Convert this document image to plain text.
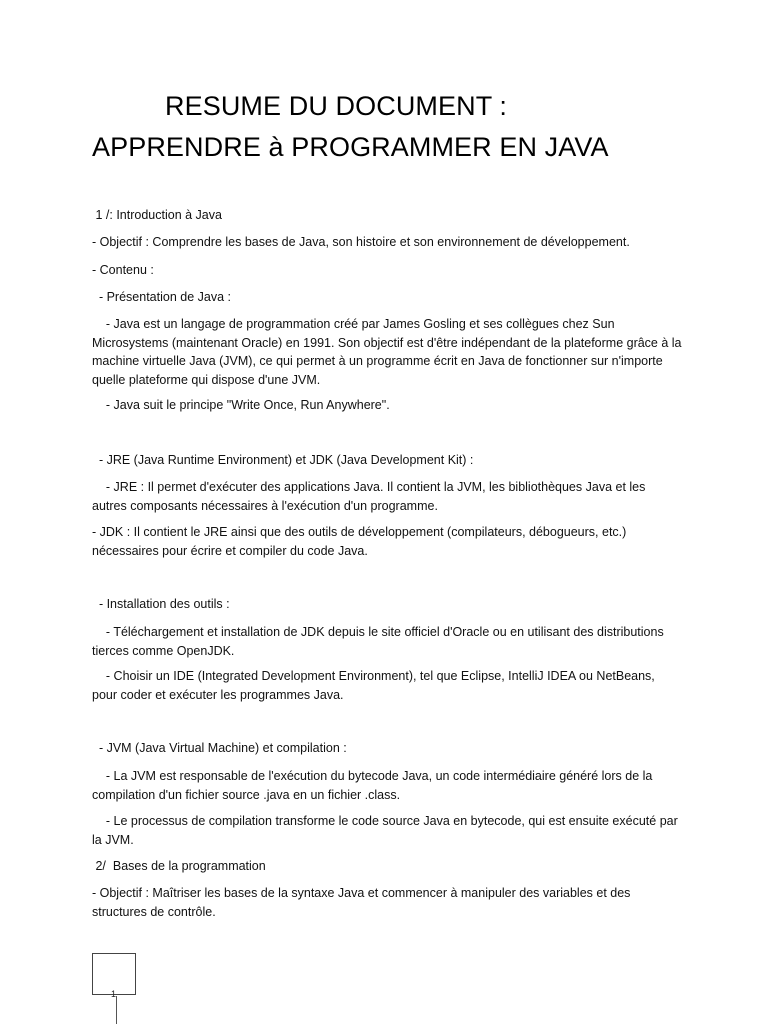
RESUME DU DOCUMENT :
APPRENDRE à PROGRAMMER EN JAVA
1 /: Introduction à Java
- Objectif : Comprendre les bases de Java, son histoire et son environnement de développement.
- Contenu :
- Présentation de Java :
- Java est un langage de programmation créé par James Gosling et ses collègues chez Sun Microsystems (maintenant Oracle) en 1991. Son objectif est d'être indépendant de la plateforme grâce à la machine virtuelle Java (JVM), ce qui permet à un programme écrit en Java de fonctionner sur n'importe quelle plateforme qui dispose d'une JVM.
- Java suit le principe "Write Once, Run Anywhere".
- JRE (Java Runtime Environment) et JDK (Java Development Kit) :
- JRE : Il permet d'exécuter des applications Java. Il contient la JVM, les bibliothèques Java et les autres composants nécessaires à l'exécution d'un programme.
- JDK : Il contient le JRE ainsi que des outils de développement (compilateurs, débogueurs, etc.) nécessaires pour écrire et compiler du code Java.
- Installation des outils :
- Téléchargement et installation de JDK depuis le site officiel d'Oracle ou en utilisant des distributions tierces comme OpenJDK.
- Choisir un IDE (Integrated Development Environment), tel que Eclipse, IntelliJ IDEA ou NetBeans, pour coder et exécuter les programmes Java.
- JVM (Java Virtual Machine) et compilation :
- La JVM est responsable de l'exécution du bytecode Java, un code intermédiaire généré lors de la compilation d'un fichier source .java en un fichier .class.
- Le processus de compilation transforme le code source Java en bytecode, qui est ensuite exécuté par la JVM.
2/  Bases de la programmation
- Objectif : Maîtriser les bases de la syntaxe Java et commencer à manipuler des variables et des structures de contrôle.
1
